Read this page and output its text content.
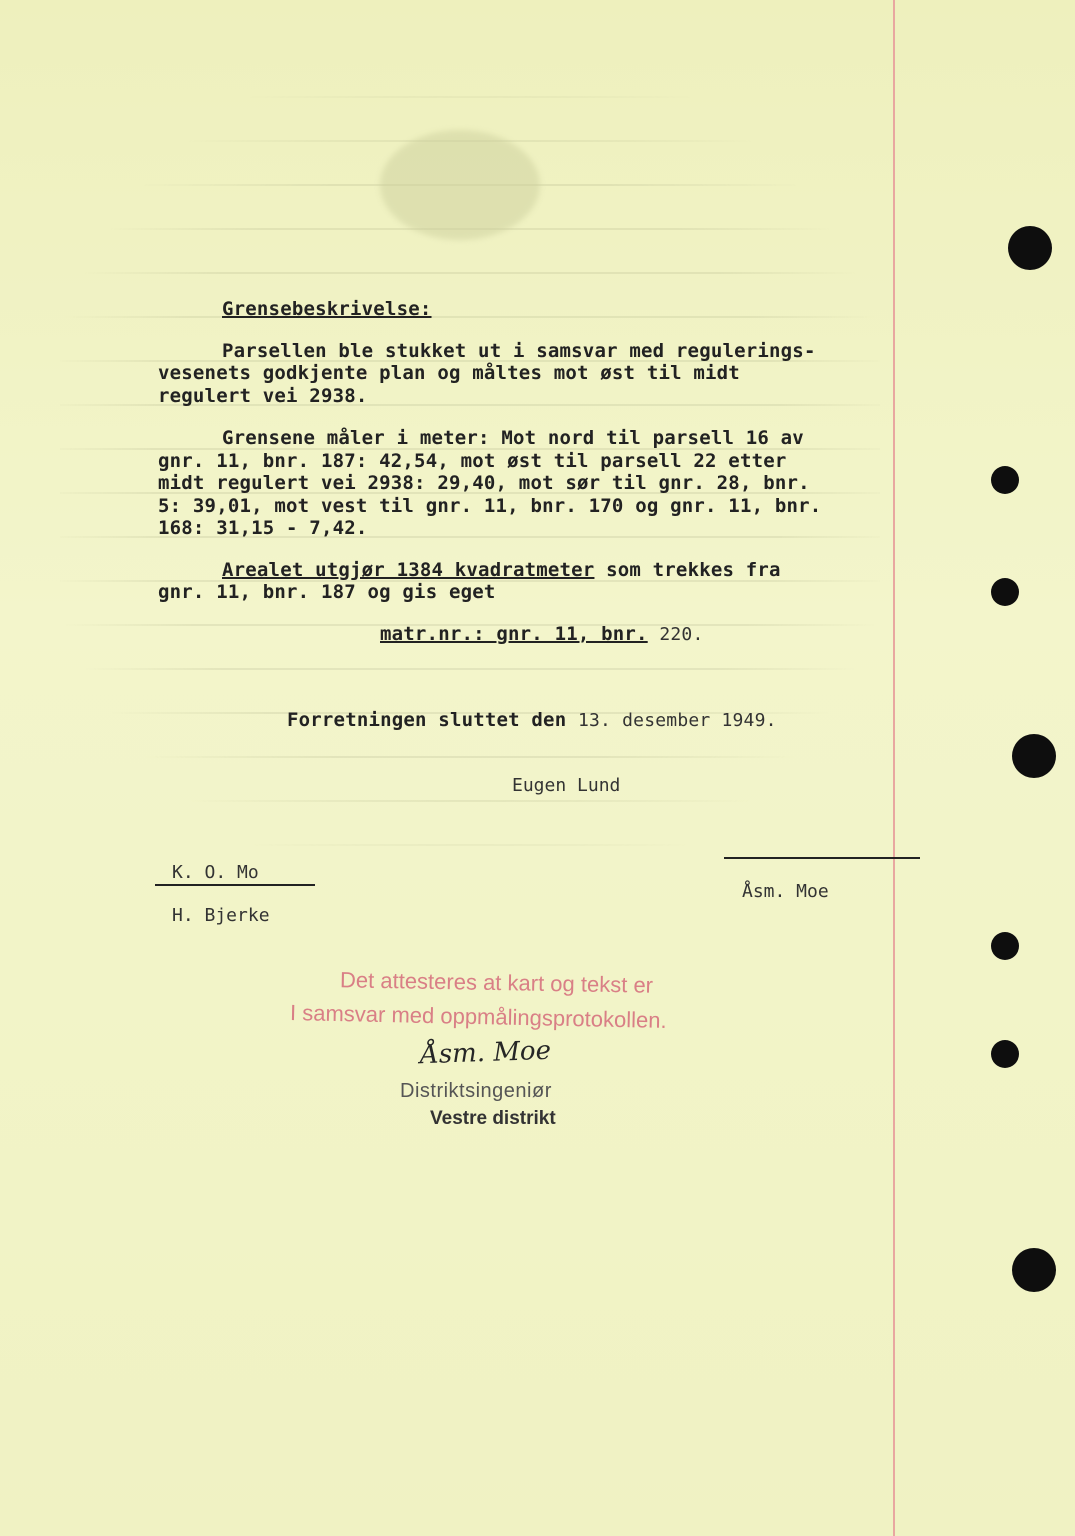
Grensebeskrivelse:
Parsellen ble stukket ut i samsvar med regulerings-
vesenets godkjente plan og måltes mot øst til midt
regulert vei 2938.
Grensene måler i meter: Mot nord til parsell 16 av
gnr. 11, bnr. 187: 42,54, mot øst til parsell 22 etter
midt regulert vei 2938: 29,40, mot sør til gnr. 28, bnr.
5: 39,01, mot vest til gnr. 11, bnr. 170 og gnr. 11, bnr.
168: 31,15 - 7,42.
Arealet utgjør 1384 kvadratmeter som trekkes fra
gnr. 11, bnr. 187 og gis eget
matr.nr.: gnr. 11, bnr. 220.
Forretningen sluttet den 13. desember 1949.
Eugen Lund
K. O. Mo
H. Bjerke
Åsm. Moe
Det attesteres at kart og tekst er
I samsvar med oppmålingsprotokollen.
Åsm. Moe
Distriktsingeniør
Vestre distrikt
